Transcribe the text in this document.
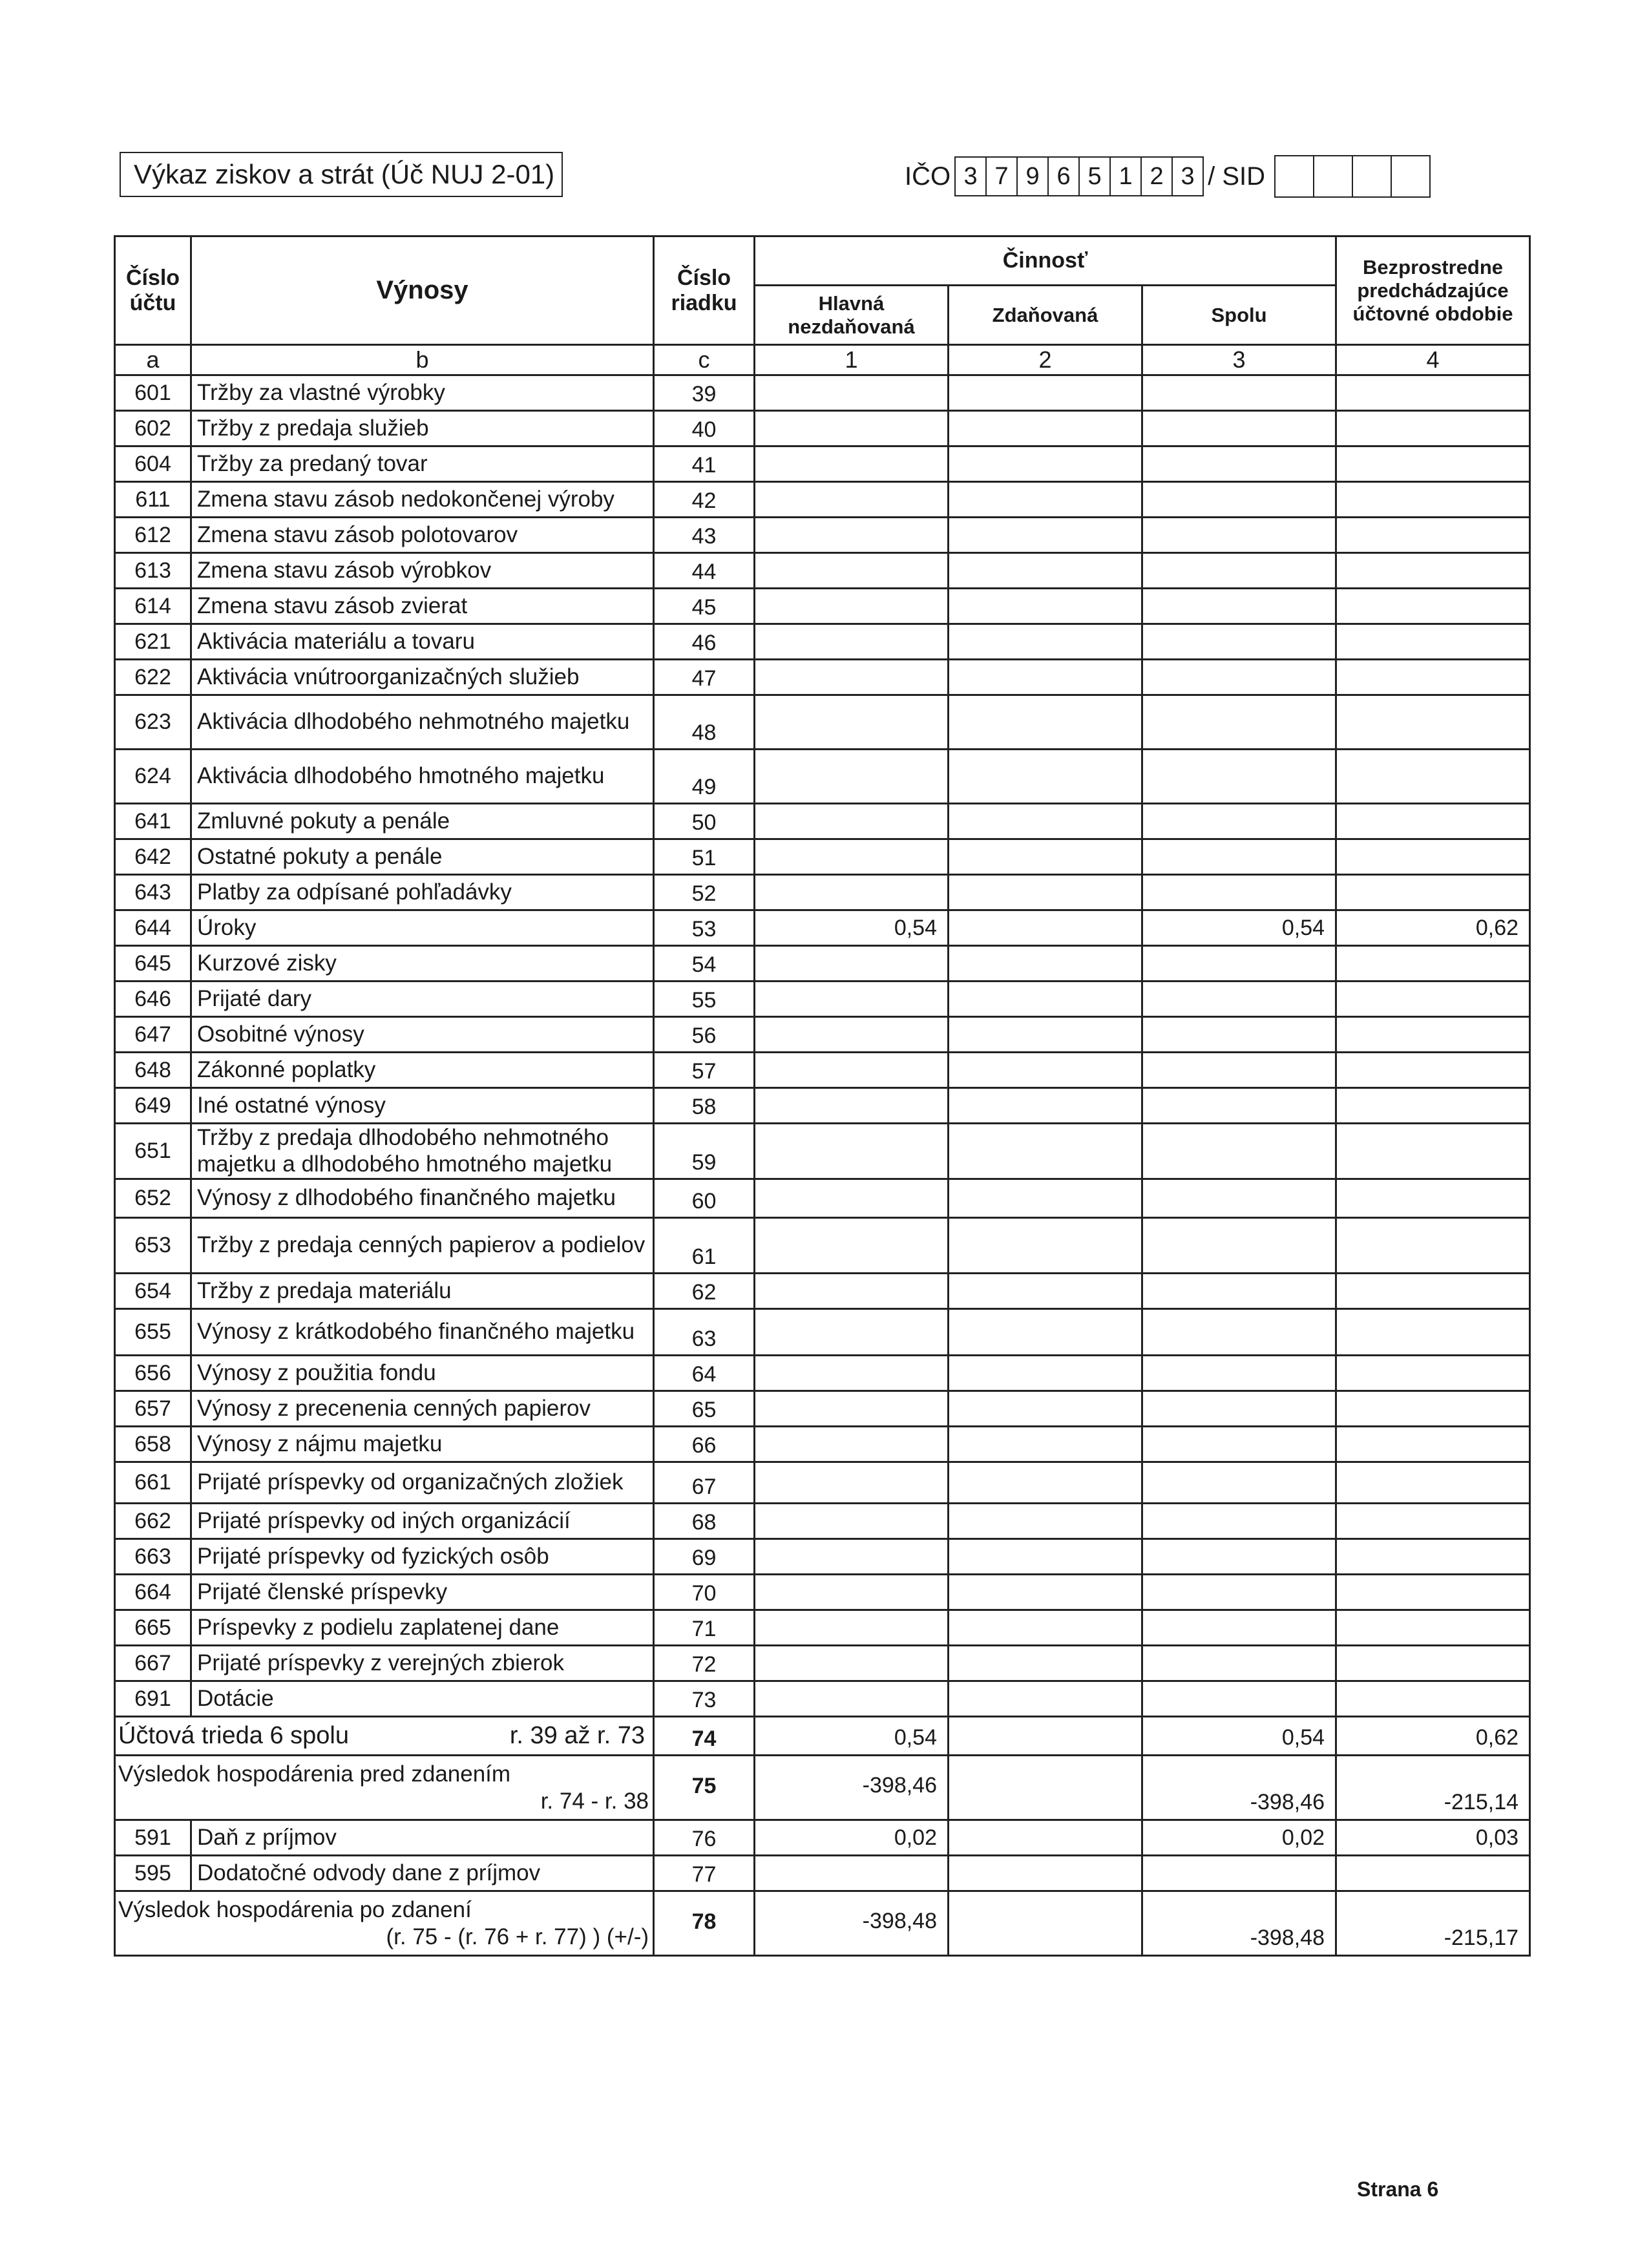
Výkaz ziskov a strát (Úč NUJ 2-01)	IČO 3 7 9 6 5 1 2 3 / SID
Číslo účtu	Výnosy	Číslo riadku	Činnosť			Bezprostredne predchádzajúce účtovné obdobie
			Hlavná nezdaňovaná	Zdaňovaná	Spolu	
a	b	c	1	2	3	4
601	Tržby za vlastné výrobky	39				
602	Tržby z predaja služieb	40				
604	Tržby za predaný tovar	41				
611	Zmena stavu zásob nedokončenej výroby	42				
612	Zmena stavu zásob polotovarov	43				
613	Zmena stavu zásob výrobkov	44				
614	Zmena stavu zásob zvierat	45				
621	Aktivácia materiálu a tovaru	46				
622	Aktivácia vnútroorganizačných služieb	47				
623	Aktivácia dlhodobého nehmotného majetku	48				
624	Aktivácia dlhodobého hmotného majetku	49				
641	Zmluvné pokuty a penále	50				
642	Ostatné pokuty a penále	51				
643	Platby za odpísané pohľadávky	52				
644	Úroky	53	0,54		0,54	0,62
645	Kurzové zisky	54				
646	Prijaté dary	55				
647	Osobitné výnosy	56				
648	Zákonné poplatky	57				
649	Iné ostatné výnosy	58				
651	Tržby z predaja dlhodobého nehmotného majetku a dlhodobého hmotného majetku	59				
652	Výnosy z dlhodobého finančného majetku	60				
653	Tržby z predaja cenných papierov a podielov	61				
654	Tržby z predaja materiálu	62				
655	Výnosy z krátkodobého finančného majetku	63				
656	Výnosy z použitia fondu	64				
657	Výnosy z precenenia cenných papierov	65				
658	Výnosy z nájmu majetku	66				
661	Prijaté príspevky od organizačných zložiek	67				
662	Prijaté príspevky od iných organizácií	68				
663	Prijaté príspevky od fyzických osôb	69				
664	Prijaté členské príspevky	70				
665	Príspevky z podielu zaplatenej dane	71				
667	Prijaté príspevky z verejných zbierok	72				
691	Dotácie	73				
Účtová trieda 6 spolu r. 39 až r. 73		74	0,54		0,54	0,62
Výsledok hospodárenia pred zdanením
r. 74 - r. 38		75	-398,46		-398,46	-215,14
591	Daň z príjmov	76	0,02		0,02	0,03
595	Dodatočné odvody dane z príjmov	77				
Výsledok hospodárenia po zdanení
(r. 75 - (r. 76 + r. 77) ) (+/-)		78	-398,48		-398,48	-215,17
Strana 6
